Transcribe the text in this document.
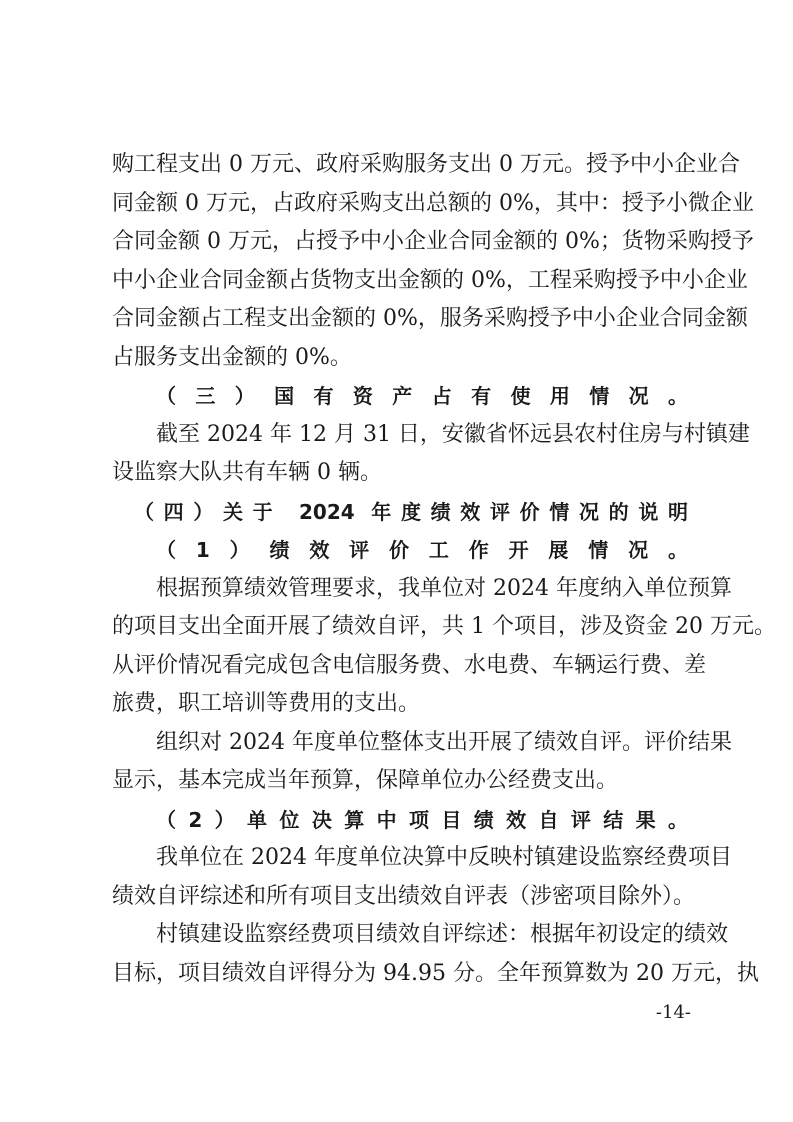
购工程支出 0 万元、政府采购服务支出 0 万元。授予中小企业合
同金额 0 万元，占政府采购支出总额的 0%，其中：授予小微企业
合同金额 0 万元，占授予中小企业合同金额的 0%；货物采购授予
中小企业合同金额占货物支出金额的 0%，工程采购授予中小企业
合同金额占工程支出金额的 0%，服务采购授予中小企业合同金额
占服务支出金额的 0%。
（三）国有资产占有使用情况。
截至 2024 年 12 月 31 日，安徽省怀远县农村住房与村镇建
设监察大队共有车辆 0 辆。
（四）关于 2024 年度绩效评价情况的说明
（1）绩效评价工作开展情况。
根据预算绩效管理要求，我单位对 2024 年度纳入单位预算
的项目支出全面开展了绩效自评，共 1 个项目，涉及资金 20 万元。
从评价情况看完成包含电信服务费、水电费、车辆运行费、差
旅费，职工培训等费用的支出。
组织对 2024 年度单位整体支出开展了绩效自评。评价结果
显示，基本完成当年预算，保障单位办公经费支出。
（2）单位决算中项目绩效自评结果。
我单位在 2024 年度单位决算中反映村镇建设监察经费项目
绩效自评综述和所有项目支出绩效自评表（涉密项目除外）。
村镇建设监察经费项目绩效自评综述：根据年初设定的绩效
目标，项目绩效自评得分为 94.95 分。全年预算数为 20 万元，执
-14-
